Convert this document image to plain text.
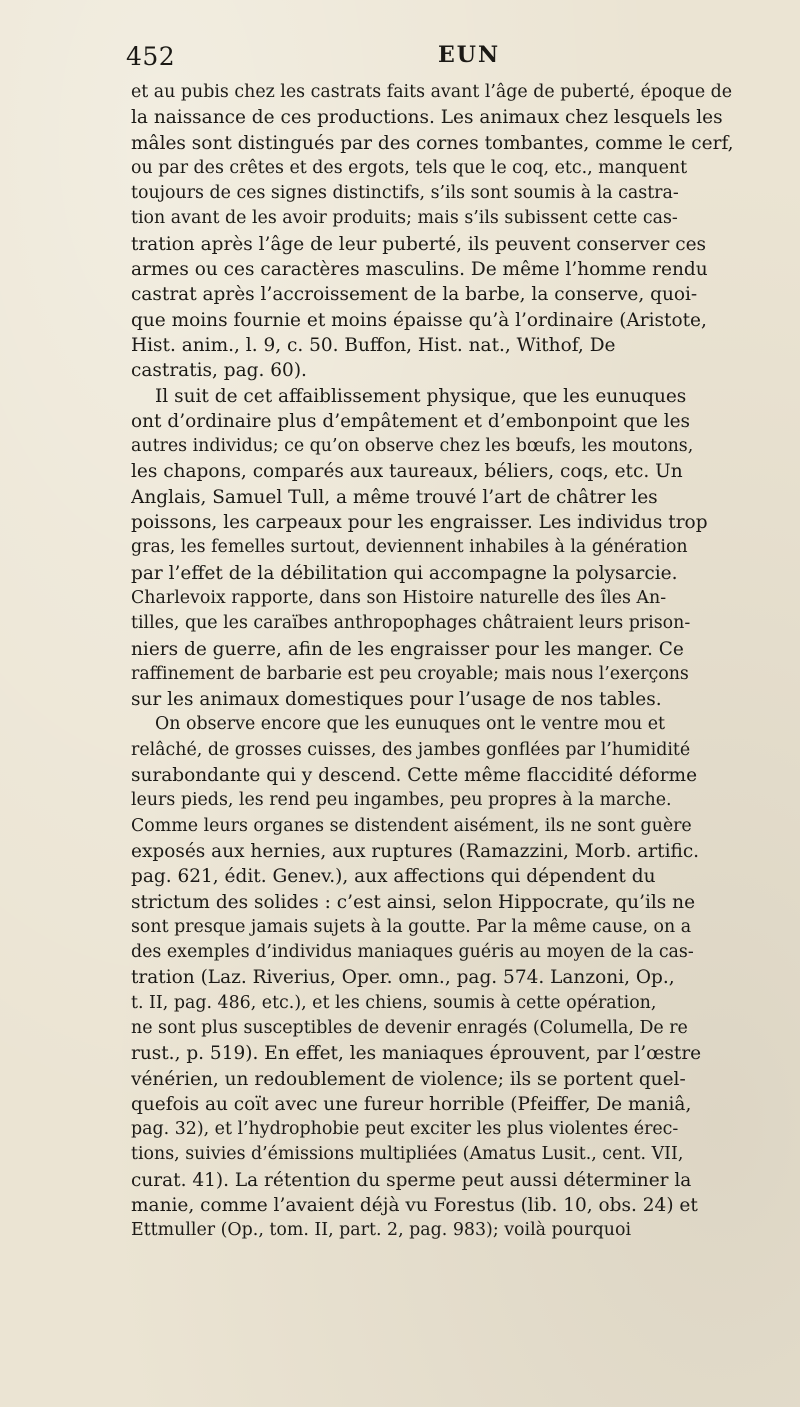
452	EUN
et au pubis chez les castrats faits avant l’âge de puberté, époque de
la naissance de ces productions. Les animaux chez lesquels les
mâles sont distingués par des cornes tombantes, comme le cerf,
ou par des crêtes et des ergots, tels que le coq, etc., manquent
toujours de ces signes distinctifs, s’ils sont soumis à la castra-
tion avant de les avoir produits; mais s’ils subissent cette cas-
tration après l’âge de leur puberté, ils peuvent conserver ces
armes ou ces caractères masculins. De même l’homme rendu
castrat après l’accroissement de la barbe, la conserve, quoi-
que moins fournie et moins épaisse qu’à l’ordinaire (Aristote,
Hist. anim., l. 9, c. 50. Buffon, Hist. nat., Withof, De
castratis, pag. 60).
Il suit de cet affaiblissement physique, que les eunuques
ont d’ordinaire plus d’empâtement et d’embonpoint que les
autres individus; ce qu’on observe chez les bœufs, les moutons,
les chapons, comparés aux taureaux, béliers, coqs, etc. Un
Anglais, Samuel Tull, a même trouvé l’art de châtrer les
poissons, les carpeaux pour les engraisser. Les individus trop
gras, les femelles surtout, deviennent inhabiles à la génération
par l’effet de la débilitation qui accompagne la polysarcie.
Charlevoix rapporte, dans son Histoire naturelle des îles An-
tilles, que les caraïbes anthropophages châtraient leurs prison-
niers de guerre, afin de les engraisser pour les manger. Ce
raffinement de barbarie est peu croyable; mais nous l’exerçons
sur les animaux domestiques pour l’usage de nos tables.
On observe encore que les eunuques ont le ventre mou et
relâché, de grosses cuisses, des jambes gonflées par l’humidité
surabondante qui y descend. Cette même flaccidité déforme
leurs pieds, les rend peu ingambes, peu propres à la marche.
Comme leurs organes se distendent aisément, ils ne sont guère
exposés aux hernies, aux ruptures (Ramazzini, Morb. artific.
pag. 621, édit. Genev.), aux affections qui dépendent du
strictum des solides : c’est ainsi, selon Hippocrate, qu’ils ne
sont presque jamais sujets à la goutte. Par la même cause, on a
des exemples d’individus maniaques guéris au moyen de la cas-
tration (Laz. Riverius, Oper. omn., pag. 574. Lanzoni, Op.,
t. II, pag. 486, etc.), et les chiens, soumis à cette opération,
ne sont plus susceptibles de devenir enragés (Columella, De re
rust., p. 519). En effet, les maniaques éprouvent, par l’œstre
vénérien, un redoublement de violence; ils se portent quel-
quefois au coït avec une fureur horrible (Pfeiffer, De maniâ,
pag. 32), et l’hydrophobie peut exciter les plus violentes érec-
tions, suivies d’émissions multipliées (Amatus Lusit., cent. VII,
curat. 41). La rétention du sperme peut aussi déterminer la
manie, comme l’avaient déjà vu Forestus (lib. 10, obs. 24) et
Ettmuller (Op., tom. II, part. 2, pag. 983); voilà pourquoi
